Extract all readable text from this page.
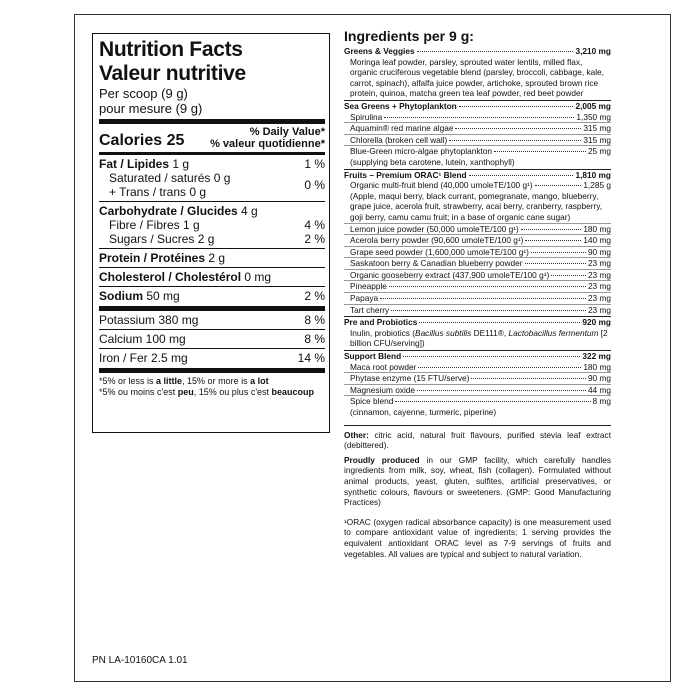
Nutrition Facts
Valeur nutritive
Per scoop (9 g)
pour mesure (9 g)
Calories 25	% Daily Value*
% valeur quotidienne*
Fat / Lipides 1 g	1 %
Saturated / saturés 0 g
+ Trans / trans 0 g	0 %
Carbohydrate / Glucides 4 g
Fibre / Fibres 1 g	4 %
Sugars / Sucres 2 g	2 %
Protein / Protéines 2 g
Cholesterol / Cholestérol 0 mg
Sodium 50 mg	2 %
Potassium 380 mg	8 %
Calcium 100 mg	8 %
Iron / Fer 2.5 mg	14 %
*5% or less is a little, 15% or more is a lot
*5% ou moins c'est peu, 15% ou plus c'est beaucoup
PN LA-10160CA 1.01
Ingredients per 9 g:
Greens & Veggies	3,210 mg
Moringa leaf powder, parsley, sprouted water lentils, milled flax, organic cruciferous vegetable blend (parsley, broccoli, cabbage, kale, carrot, spinach), alfalfa juice powder, artichoke, sprouted brown rice protein, quinoa, matcha green tea leaf powder, red beet powder
Sea Greens + Phytoplankton	2,005 mg
Spirulina	1,350 mg
Aquamin® red marine algae	315 mg
Chlorella (broken cell wall)	315 mg
Blue-Green micro-algae phytoplankton	25 mg
(supplying beta carotene, lutein, xanthophyll)
Fruits – Premium ORAC¹ Blend	1,810 mg
Organic multi-fruit blend (40,000 umoleTE/100 g¹)	1,285 g
(Apple, maqui berry, black currant, pomegranate, mango, blueberry, grape juice, acerola fruit, strawberry, acai berry, cranberry, raspberry, goji berry, camu camu fruit; in a base of organic cane sugar)
Lemon juice powder (50,000 umoleTE/100 g¹)	180 mg
Acerola berry powder (90,600 umoleTE/100 g¹)	140 mg
Grape seed powder (1,600,000 umoleTE/100 g¹)	90 mg
Saskatoon berry & Canadian blueberry powder	23 mg
Organic gooseberry extract (437,900 umoleTE/100 g¹)	23 mg
Pineapple	23 mg
Papaya	23 mg
Tart cherry	23 mg
Pre and Probiotics	920 mg
Inulin, probiotics (Bacillus subtilis DE111®, Lactobacillus fermentum [2 billion CFU/serving])
Support Blend	322 mg
Maca root powder	180 mg
Phytase enzyme (15 FTU/serve)	90 mg
Magnesium oxide	44 mg
Spice blend	8 mg
(cinnamon, cayenne, turmeric, piperine)
Other: citric acid, natural fruit flavours, purified stevia leaf extract (debittered).
Proudly produced in our GMP facility, which carefully handles ingredients from milk, soy, wheat, fish (collagen). Formulated without animal products, yeast, gluten, sulfites, artificial preservatives, or synthetic colours, flavours or sweeteners. (GMP: Good Manufacturing Practices)
¹ORAC (oxygen radical absorbance capacity) is one measurement used to compare antioxidant value of ingredients; 1 serving provides the equivalent antioxidant ORAC level as 7-9 servings of fruits and vegetables. All values are typical and subject to natural variation.
